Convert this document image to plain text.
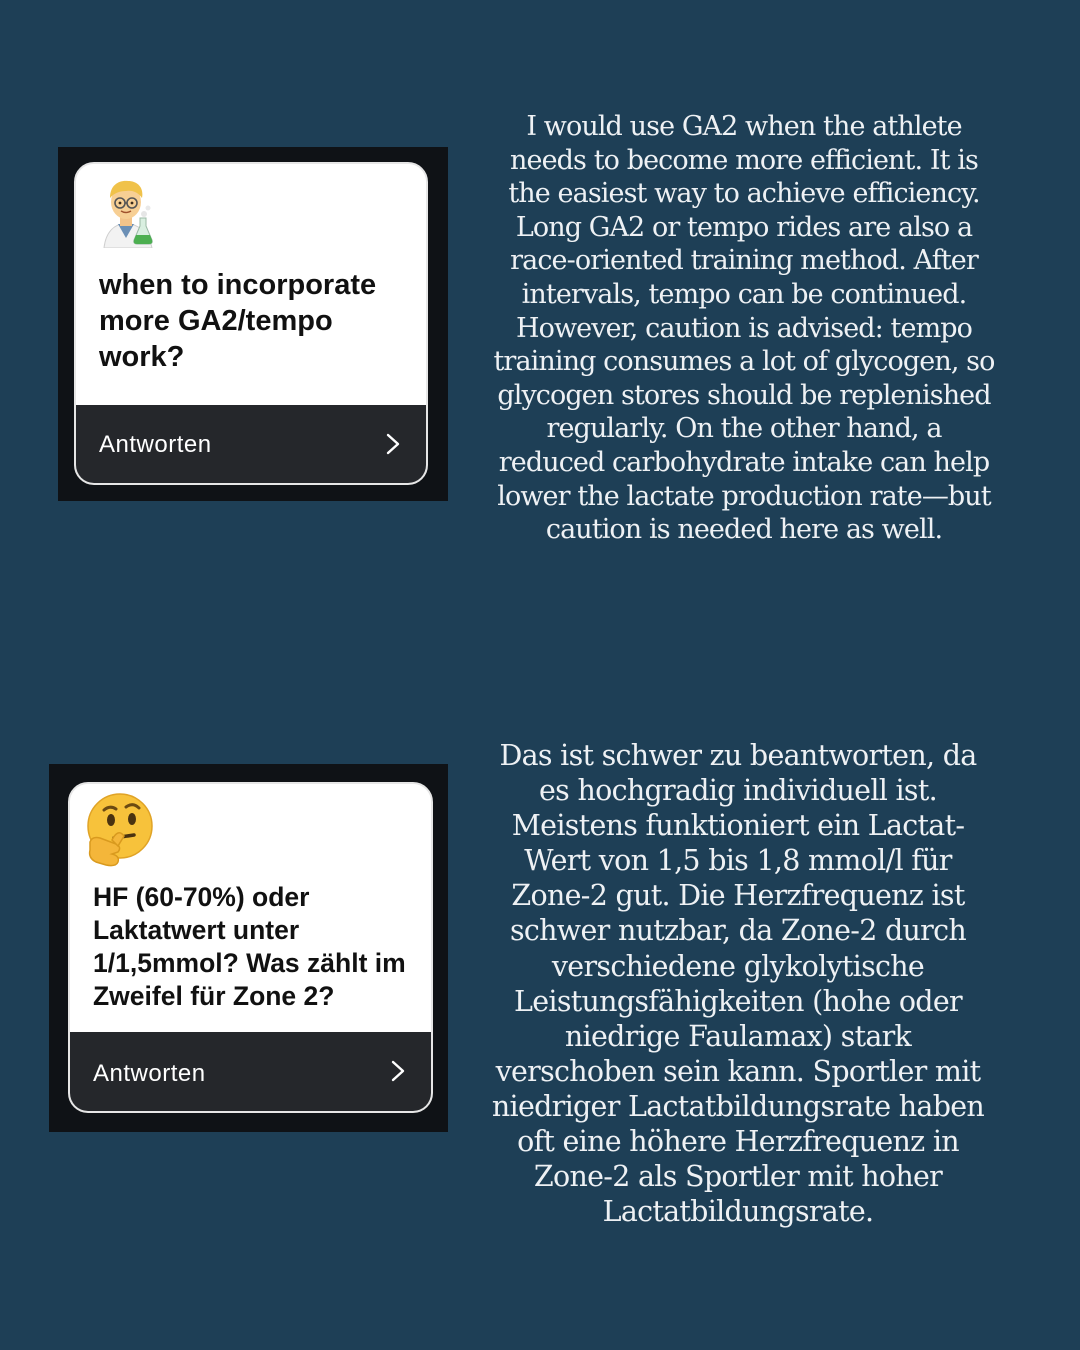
when to incorporate more GA2/tempo work?
Antworten
I would use GA2 when the athlete
needs to become more efficient. It is
the easiest way to achieve efficiency.
Long GA2 or tempo rides are also a
race-oriented training method. After
intervals, tempo can be continued.
However, caution is advised: tempo
training consumes a lot of glycogen, so
glycogen stores should be replenished
regularly. On the other hand, a
reduced carbohydrate intake can help
lower the lactate production rate—but
caution is needed here as well.
HF (60-70%) oder Laktatwert unter 1/1,5mmol? Was zählt im Zweifel für Zone 2?
Antworten
Das ist schwer zu beantworten, da
es hochgradig individuell ist.
Meistens funktioniert ein Lactat-
Wert von 1,5 bis 1,8 mmol/l für
Zone-2 gut. Die Herzfrequenz ist
schwer nutzbar, da Zone-2 durch
verschiedene glykolytische
Leistungsfähigkeiten (hohe oder
niedrige Faulamax) stark
verschoben sein kann. Sportler mit
niedriger Lactatbildungsrate haben
oft eine höhere Herzfrequenz in
Zone-2 als Sportler mit hoher
Lactatbildungsrate.
